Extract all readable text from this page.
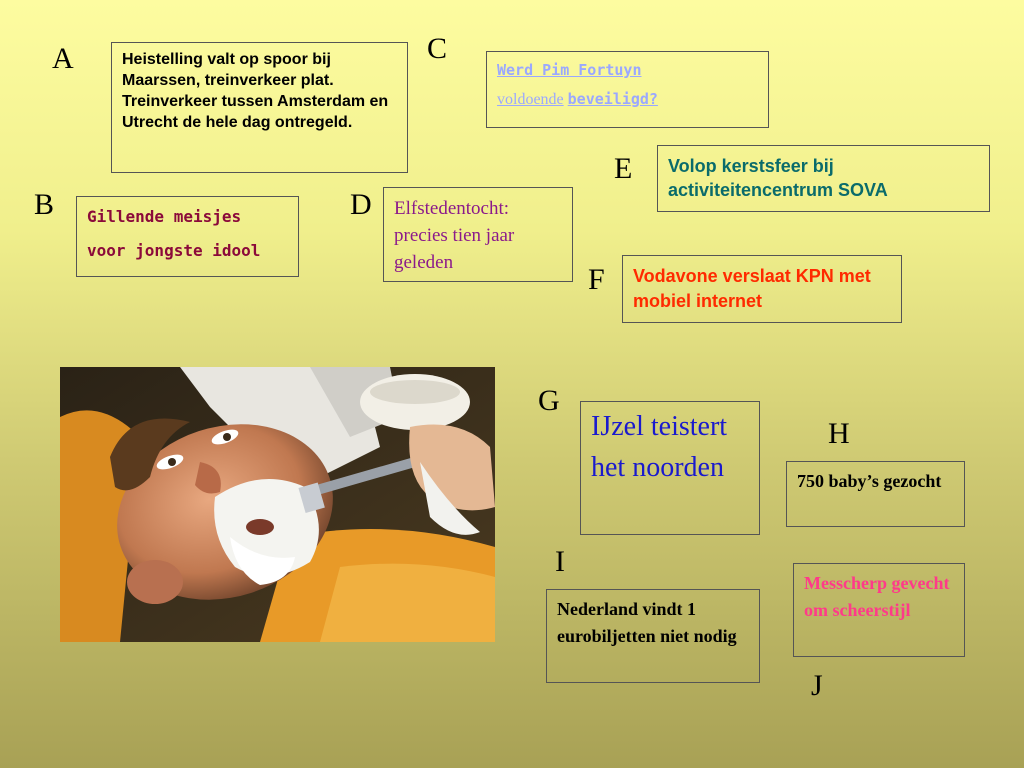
A
B
C
D
E
F
G
H
I
J
Heistelling valt op spoor bij Maarssen, treinverkeer plat. Treinverkeer tussen Amsterdam en Utrecht de hele dag ontregeld.
Gillende meisjes
voor jongste idool
Werd Pim Fortuyn
voldoende beveiligd?
Elfstedentocht: precies tien jaar geleden
Volop kerstsfeer bij activiteitencentrum SOVA
Vodavone verslaat KPN met mobiel internet
IJzel teistert het noorden	750 baby’s gezocht
Nederland vindt 1 eurobiljetten niet nodig
Messcherp gevecht om scheerstijl
